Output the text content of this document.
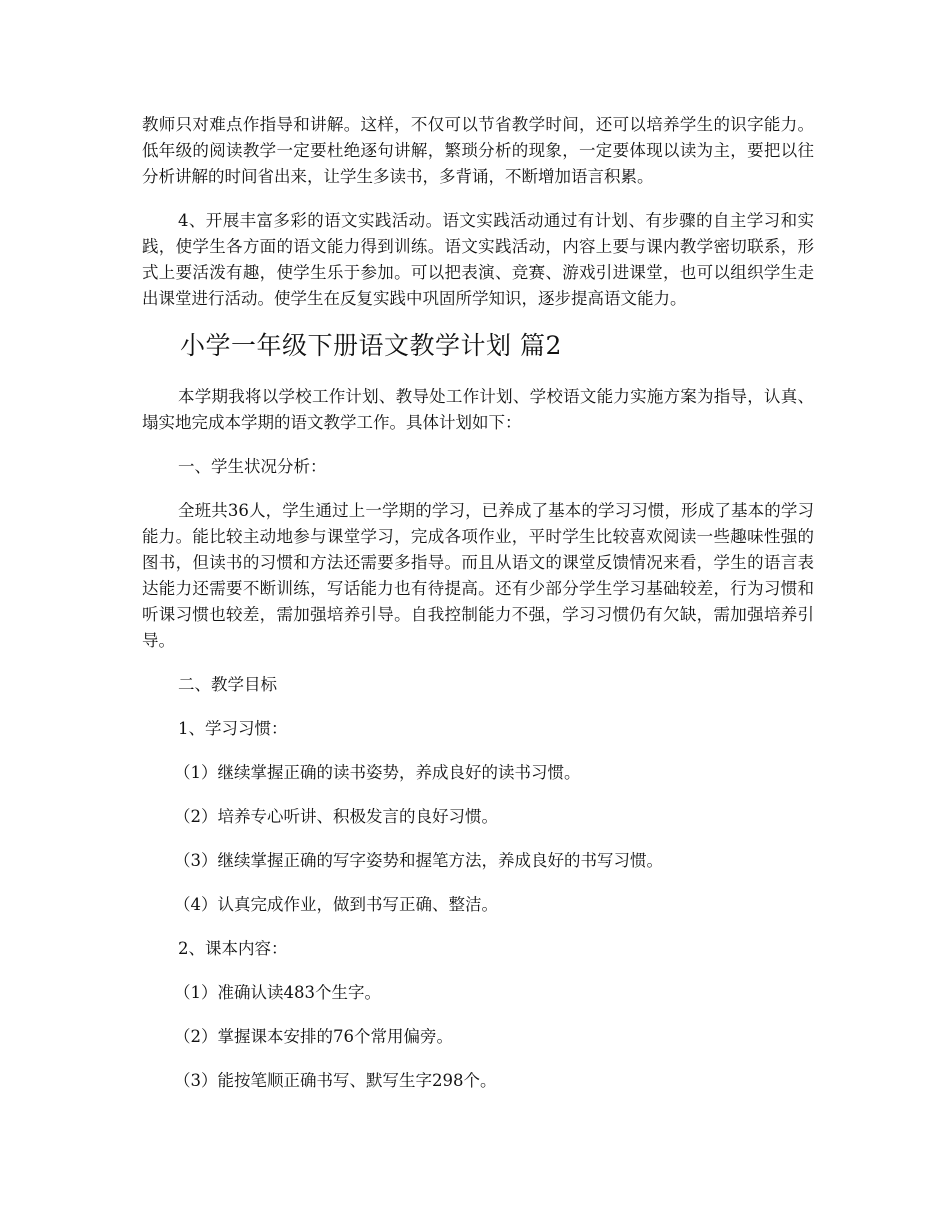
教师只对难点作指导和讲解。这样，不仅可以节省教学时间，还可以培养学生的识字能力。低年级的阅读教学一定要杜绝逐句讲解，繁琐分析的现象，一定要体现以读为主，要把以往分析讲解的时间省出来，让学生多读书，多背诵，不断增加语言积累。

4、开展丰富多彩的语文实践活动。语文实践活动通过有计划、有步骤的自主学习和实践，使学生各方面的语文能力得到训练。语文实践活动，内容上要与课内教学密切联系，形式上要活泼有趣，使学生乐于参加。可以把表演、竞赛、游戏引进课堂，也可以组织学生走出课堂进行活动。使学生在反复实践中巩固所学知识，逐步提高语文能力。

小学一年级下册语文教学计划 篇2

本学期我将以学校工作计划、教导处工作计划、学校语文能力实施方案为指导，认真、塌实地完成本学期的语文教学工作。具体计划如下：

一、学生状况分析：

全班共36人，学生通过上一学期的学习，已养成了基本的学习习惯，形成了基本的学习能力。能比较主动地参与课堂学习，完成各项作业，平时学生比较喜欢阅读一些趣味性强的图书，但读书的习惯和方法还需要多指导。而且从语文的课堂反馈情况来看，学生的语言表达能力还需要不断训练，写话能力也有待提高。还有少部分学生学习基础较差，行为习惯和听课习惯也较差，需加强培养引导。自我控制能力不强，学习习惯仍有欠缺，需加强培养引导。

二、教学目标

1、学习习惯：

（1）继续掌握正确的读书姿势，养成良好的读书习惯。

（2）培养专心听讲、积极发言的良好习惯。

（3）继续掌握正确的写字姿势和握笔方法，养成良好的书写习惯。

（4）认真完成作业，做到书写正确、整洁。

2、课本内容：

（1）准确认读483个生字。

（2）掌握课本安排的76个常用偏旁。

（3）能按笔顺正确书写、默写生字298个。
